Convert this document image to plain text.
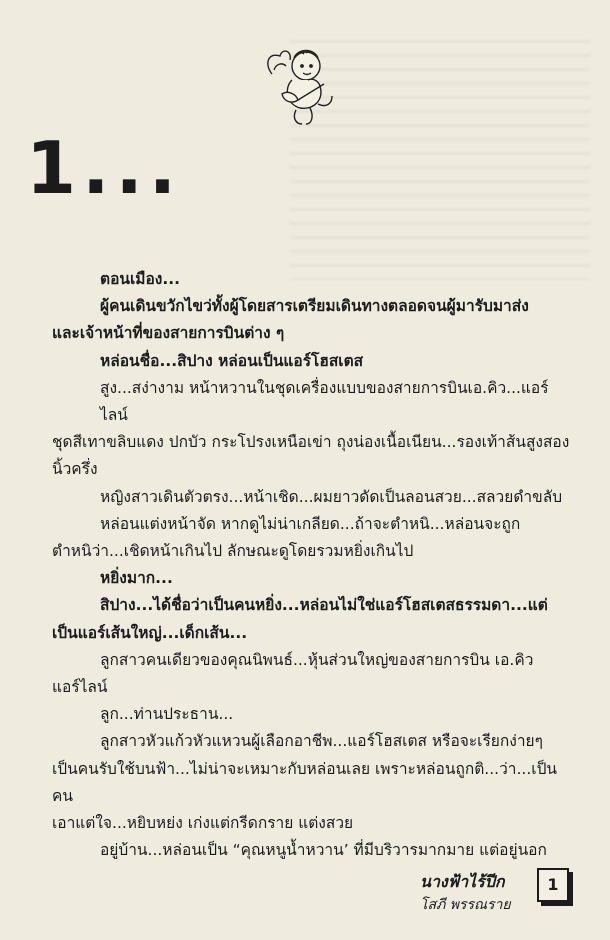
1...

ตอนเมือง...

ผู้คนเดินขวักไขว่ทั้งผู้โดยสารเตรียมเดินทางตลอดจนผู้มารับมาส่ง

และเจ้าหน้าที่ของสายการบินต่าง ๆ

หล่อนชื่อ...สิปาง หล่อนเป็นแอร์โฮสเตส

สูง...สง่างาม หน้าหวานในชุดเครื่องแบบของสายการบินเอ.คิว...แอร์ไลน์

ชุดสีเทาขลิบแดง ปกบัว กระโปรงเหนือเข่า ถุงน่องเนื้อเนียน...รองเท้าส้นสูงสอง

นิ้วครึ่ง

หญิงสาวเดินตัวตรง...หน้าเชิด...ผมยาวดัดเป็นลอนสวย...สลวยดำขลับ

หล่อนแต่งหน้าจัด หากดูไม่น่าเกลียด...ถ้าจะตำหนิ...หล่อนจะถูก

ตำหนิว่า...เชิดหน้าเกินไป ลักษณะดูโดยรวมหยิ่งเกินไป

หยิ่งมาก...

สิปาง...ได้ชื่อว่าเป็นคนหยิ่ง...หล่อนไม่ใช่แอร์โฮสเตสธรรมดา...แต่

เป็นแอร์เส้นใหญ่...เด็กเส้น...

ลูกสาวคนเดียวของคุณนิพนธ์...หุ้นส่วนใหญ่ของสายการบิน เอ.คิว

แอร์ไลน์

ลูก...ท่านประธาน...

ลูกสาวหัวแก้วหัวแหวนผู้เลือกอาชีพ...แอร์โฮสเตส หรือจะเรียกง่ายๆ

เป็นคนรับใช้บนฟ้า...ไม่น่าจะเหมาะกับหล่อนเลย เพราะหล่อนถูกติ...ว่า...เป็นคน

เอาแต่ใจ...หยิบหย่ง เก่งแต่กรีดกราย แต่งสวย

อยู่บ้าน...หล่อนเป็น “คุณหนูน้ำหวาน’ ที่มีบริวารมากมาย แต่อยู่นอก

นางฟ้าไร้ปีก
โสภี พรรณราย
1
